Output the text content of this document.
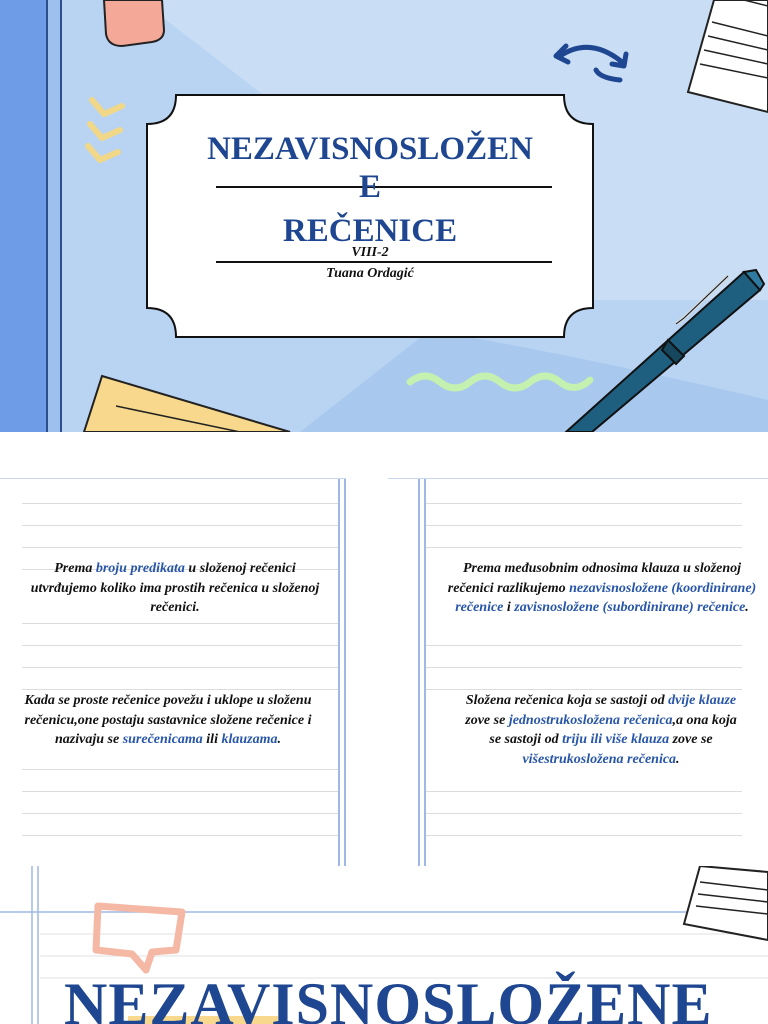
NEZAVISNOSLOŽEN
E
REČENICE
VIII-2
Tuana Ordagić
Prema broju predikata u složenoj rečenici utvrđujemo koliko ima prostih rečenica u složenoj rečenici.
Kada se proste rečenice povežu i uklope u složenu rečenicu,one postaju sastavnice složene rečenice i nazivaju se surečenicama ili klauzama.
Prema međusobnim odnosima klauza u složenoj rečenici razlikujemo nezavisnosložene (koordinirane) rečenice i zavisnosložene (subordinirane) rečenice.
Složena rečenica koja se sastoji od dvije klauze zove se jednostrukosložena rečenica,a ona koja se sastoji od triju ili više klauza zove se višestrukosložena rečenica.
NEZAVISNOSLOŽENE
